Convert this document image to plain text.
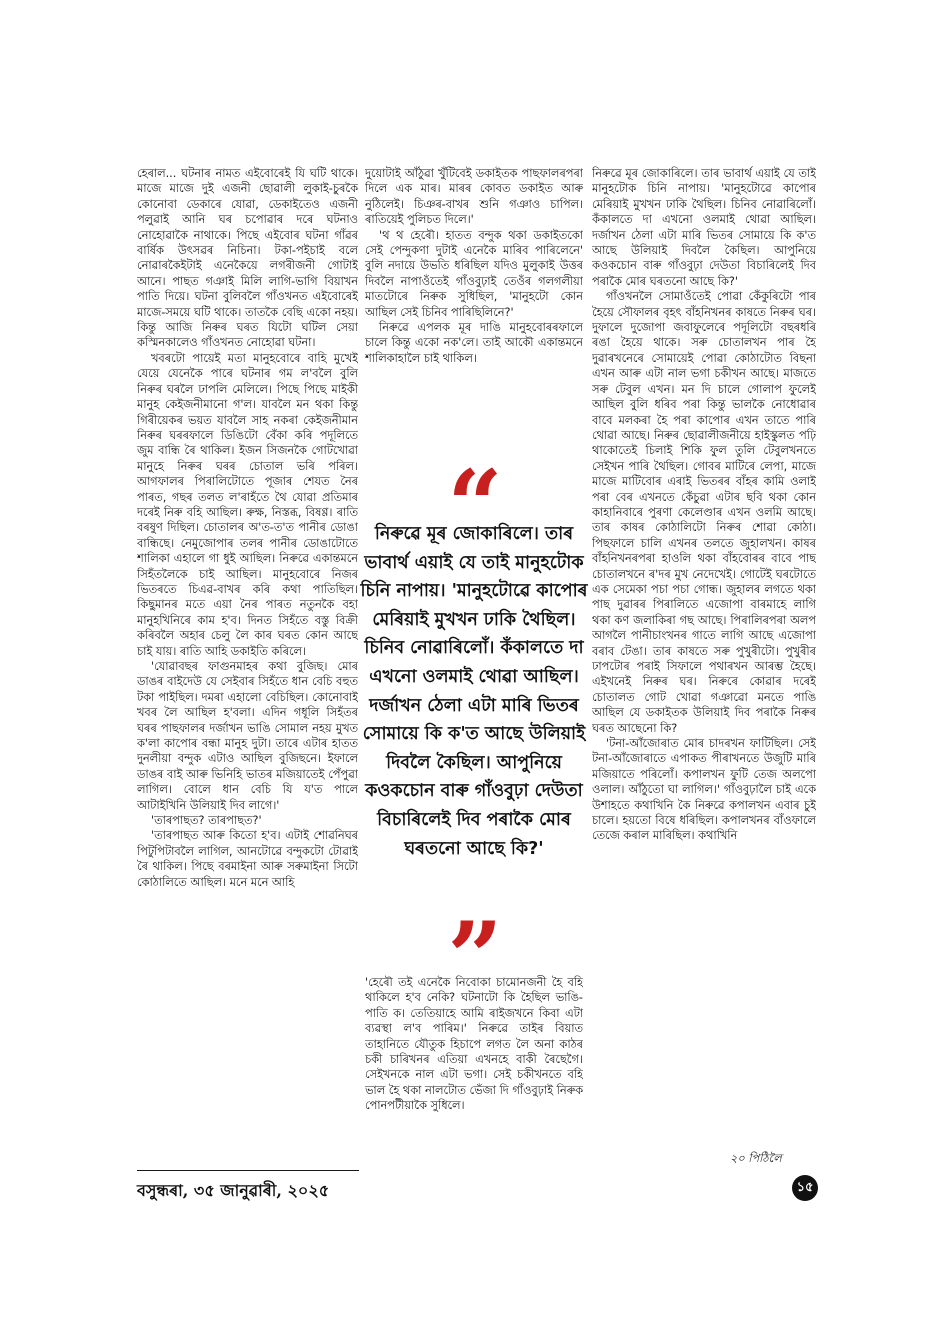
হেৰাল... ঘটনাৰ নামত এইবোৰেই যি ঘটি থাকে। মাজে মাজে দুই এজনী ছোৱালী লুকাই-চুৰকৈ কোনোবা ডেকাৰে যোৱা, ডেকাইতেও এজনী পলুৱাই আনি ঘৰ চপোৱাৰ দৰে ঘটনাও নোহোৱাকৈ নাথাকে। পিছে এইবোৰ ঘটনা গাঁৱৰ বাৰ্ষিক উৎসৱৰ নিচিনা। টকা-পইচাই বলে নোৱাৰকৈইটাই এনেকৈয়ে লগৰীজনী গোটাই আনে। পাছত গঞাই মিলি লাগি-ভাগি বিয়াখন পাতি দিয়ে। ঘটনা বুলিবলৈ গাঁওখনত এইবোৰেই মাজে-সময়ে ঘটি থাকে। তাতকৈ বেছি একো নহয়। কিন্তু আজি নিৰুৰ ঘৰত যিটো ঘটিল সেয়া কস্মিনকালেও গাঁওখনত নোহোৱা ঘটনা।

খবৰটো পায়েই মতা মানুহবোৰে বাহি মুখেই যেয়ে যেনেকৈ পাৰে ঘটনাৰ গম ল'বলৈ বুলি নিৰুৰ ঘৰলৈ ঢাপলি মেলিলে। পিছে পিছে মাইকী মানুহ কেইজনীমানো গ'ল। যাবলৈ মন থকা কিন্তু গিৰীয়েকৰ ভয়ত যাবলৈ সাহ নকৰা কেইজনীমান নিৰুৰ ঘৰৰফালে ডিঙিটো বেঁকা কৰি পদূলিতে জুম বান্ধি ৰৈ থাকিল। ইজন সিজনকৈ গোটখোৱা মানুহে নিৰুৰ ঘৰৰ চোতাল ভৰি পৰিল। আগফালৰ পিৰালিটোতে পূজাৰ শেযত নৈৰ পাৰত, গছৰ তলত ল'ৰাহঁতে থৈ যোৱা প্ৰতিমাৰ দৰেই নিৰু বহি আছিল। ৰুক্ষ, নিস্তব্ধ, বিষণ্ণ। ৰাতি বৰষুণ দিছিল। চোতালৰ অ'ত-ত'ত পানীৰ ডোঙা বান্ধিছে। নেমুজোপাৰ তলৰ পানীৰ ডোঙাটোতে শালিকা এহালে গা ধুই আছিল। নিৰুৱে একান্তমনে সিহঁতলৈকে চাই আছিল। মানুহবোৰে নিজৰ ভিতৰতে চিএৱ-বাখৰ কৰি কথা পাতিছিল। কিছুমানৰ মতে এয়া নৈৰ পাৰত নতুনকৈ বহা মানুহখিনিৰে কাম হ'ব। দিনত সিহঁতে বস্তু বিক্ৰী কৰিবলৈ অহাৰ চেলু লৈ কাৰ ঘৰত কোন আছে চাই যায়। ৰাতি আহি ডকাইতি কৰিলে।

'যোৱাবছৰ ফাগুনমাহৰ কথা বুজিছ। মোৰ ডাঙৰ বাইদেউ যে সেইবাৰ সিহঁতে ধান বেচি বহুত টকা পাইছিল। দমৰা এহালো বেচিছিল। কোনোবাই খবৰ লৈ আছিল হ'বলা। এদিন গধূলি সিহঁতৰ ঘৰৰ পাছফালৰ দৰ্জাখন ভাঙি সোমাল নহয় মুখত ক'লা কাপোৰ বন্ধা মানুহ দুটা। তাৰে এটাৰ হাতত দুনলীয়া বন্দুক এটাও আছিল বুজিছনে। ইফালে ডাঙৰ বাই আৰু ভিনিহি ভাতৰ মজিয়াতেই পেঁপুৱা লাগিল। বোলে ধান বেচি যি য'ত পালে আটাইখিনি উলিয়াই দিব লাগে।'

'তাৰপাছত? তাৰপাছত?'

'তাৰপাছত আৰু কিতো হ'ব। এটাই শোৱনিঘৰ পিটুপিটাবলৈ লাগিল, আনটোৱে বন্দুকটো টোৱাই ৰৈ থাকিল। পিছে বৰমাইনা আৰু সৰুমাইনা সিটো কোঠালিতে আছিল। মনে মনে আহি

দুয়োটাই আঁঠুৱা খুঁটিবেই ডকাইতক পাছফালৰপৰা দিলে এক মাৰ। মাৰৰ কোবত ডকাইত আৰু নুঠিলেই। চিঞৰ-বাখৰ শুনি গঞাও চাপিল। ৰাতিয়েই পুলিচত দিলে।'

'থ থ হেৰৌ। হাতত বন্দুক থকা ডকাইতকো সেই পেন্দুকণা দুটাই এনেকৈ মাৰিব পাৰিলেনে' বুলি নদায়ে উভতি ধৰিছিল যদিও মুলুকাই উত্তৰ দিবলৈ নাপাওঁতেই গাঁওবুঢ়াই তেওঁৰ গলগলীয়া মাতটোৰে নিৰুক সুধিছিল, 'মানুহটো কোন আছিল সেই চিনিব পাৰিছিলিনে?'

নিৰুৱে এপলক মূৰ দাঙি মানুহবোৰৰফালে চালে কিন্তু একো নক'লে। তাই আকৌ একান্তমনে শালিকাহালৈ চাই থাকিল।

“
নিৰুৱে মূৰ জোকাৰিলে। তাৰ ভাবাৰ্থ এয়াই যে তাই মানুহটোক চিনি নাপায়। 'মানুহটোৱে কাপোৰ মেৰিয়াই মুখখন ঢাকি থৈছিল। চিনিব নোৱাৰিলোঁ। কঁকালতে দা এখনো ওলমাই থোৱা আছিল। দৰ্জাখন ঠেলা এটা মাৰি ভিতৰ সোমায়ে কি ক'ত আছে উলিয়াই দিবলৈ কৈছিল। আপুনিয়ে কওকচোন বাৰু গাঁওবুঢ়া দেউতা বিচাৰিলেই দিব পৰাকৈ মোৰ ঘৰতনো আছে কি?'
”

'হেৰৌ তই এনেকৈ নিবোকা চামোনজনী হৈ বহি থাকিলে হ'ব নেকি? ঘটনাটো কি হৈছিল ভাঙি-পাতি ক। তেতিয়াহে আমি ৰাইজখনে কিবা এটা ব্যৱস্থা ল'ব পাৰিম।' নিৰুৱে তাইৰ বিয়াত তাহানিতে যৌতুক হিচাপে লগত লৈ অনা কাঠৰ চকী চাৰিখনৰ এতিয়া এখনহে বাকী ৰৈছেগৈ। সেইখনকে নাল এটা ভগা। সেই চকীখনতে বহি ভাল হৈ থকা নালটোত ভেঁজা দি গাঁওবুঢ়াই নিৰুক পোনপটীয়াকৈ সুধিলে।

নিৰুৱে মূৰ জোকাৰিলে। তাৰ ভাবাৰ্থ এয়াই যে তাই মানুহটোক চিনি নাপায়। 'মানুহটোৱে কাপোৰ মেৰিয়াই মুখখন ঢাকি থৈছিল। চিনিব নোৱাৰিলোঁ। কঁকালতে দা এখনো ওলমাই থোৱা আছিল। দৰ্জাখন ঠেলা এটা মাৰি ভিতৰ সোমায়ে কি ক'ত আছে উলিয়াই দিবলৈ কৈছিল। আপুনিয়ে কওকচোন বাৰু গাঁওবুঢ়া দেউতা বিচাৰিলেই দিব পৰাকৈ মোৰ ঘৰতনো আছে কি?'

গাঁওখনলৈ সোমাওঁতেই পোৱা কেঁকুৰিটো পাৰ হৈয়ে সৌফালৰ বৃহৎ বাঁহনিখনৰ কাষতে নিৰুৰ ঘৰ। দুফালে দুজোপা জবাফুলেৰে পদূলিটো বছৰধৰি ৰঙা হৈয়ে থাকে। সৰু চোতালখন পাৰ হৈ দুৱাৰখনেৰে সোমায়েই পোৱা কোঠাটোত বিছনা এখন আৰু এটা নাল ভগা চকীখন আছে। মাজতে সৰু টেবুল এখন। মন দি চালে গোলাপ ফুলেই আছিল বুলি ধৰিব পৰা কিন্তু ভালকৈ নোধোৱাৰ বাবে মলকৰা হৈ পৰা কাপোৰ এখন তাতে পাৰি থোৱা আছে। নিৰুৰ ছোৱালীজনীয়ে হাইস্কুলত পঢ়ি থাকোতেই চিলাই শিকি ফুল তুলি টেবুলখনতে সেইখন পাৰি থৈছিল। গোবৰ মাটিৰে লেপা, মাজে মাজে মাটিবোৰ এৰাই ভিতৰৰ বাঁহৰ কামি ওলাই পৰা বেৰ এখনতে কেঁচুৱা এটাৰ ছবি থকা কোন কাহানিবাৰে পুৰণা কেলেণ্ডাৰ এখন ওলমি আছে। তাৰ কাষৰ কোঠালিটো নিৰুৰ শোৱা কোঠা। পিছফালে চালি এখনৰ তলতে জুহালখন। কাষৰ বাঁহনিখনৰপৰা হাওলি থকা বাঁহবোৰৰ বাবে পাছ চোতালখনে ৰ'দৰ মুখ নেদেখেই। গোটেই ঘৰটোতে এক সেমেকা পচা পচা গোন্ধ। জুহালৰ লগতে থকা পাছ দুৱাৰৰ পিৰালিতে এজোপা বাৰমাহে লাগি থকা কণ জলাকিৰা গছ আছে। পিৰালিৰপৰা অলপ আগলৈ পানীচাংখনৰ গাতে লাগি আছে এজোপা বৰাব টেঙা। তাৰ কাষতে সৰু পুখুৰীটো। পুখুৰীৰ ঢাপটোৰ পৰাই সিফালে পথাৰখন আৰম্ভ হৈছে। এইখনেই নিৰুৰ ঘৰ। নিৰুৰে কোৱাৰ দৰেই চোতালত গোট খোৱা গঞাৱো মনতে পাঙি আছিল যে ডকাইতক উলিয়াই দিব পৰাকৈ নিৰুৰ ঘৰত আছেনো কি?

'টনা-আঁজোৰাত মোৰ চাদৰখন ফাটিছিল। সেই টনা-আঁজোৰাতে এপাকত পীৰাখনতে উজুটি মাৰি মজিয়াতে পৰিলোঁ। কপালখন ফুটি তেজ অলপো ওলাল। আঁঠুতো ঘা লাগিল।' গাঁওবুঢ়ালৈ চাই একে উশাহতে কথাখিনি কৈ নিৰুৱে কপালখন এবাৰ চুই চালে। হয়তো বিষে ধৰিছিল। কপালখনৰ বাঁওফালে তেজে কৰাল মাৰিছিল। কথাখিনি

২০ পিঠিলৈ
বসুন্ধৰা, ৩৫ জানুৱাৰী, ২০২৫	১৫
